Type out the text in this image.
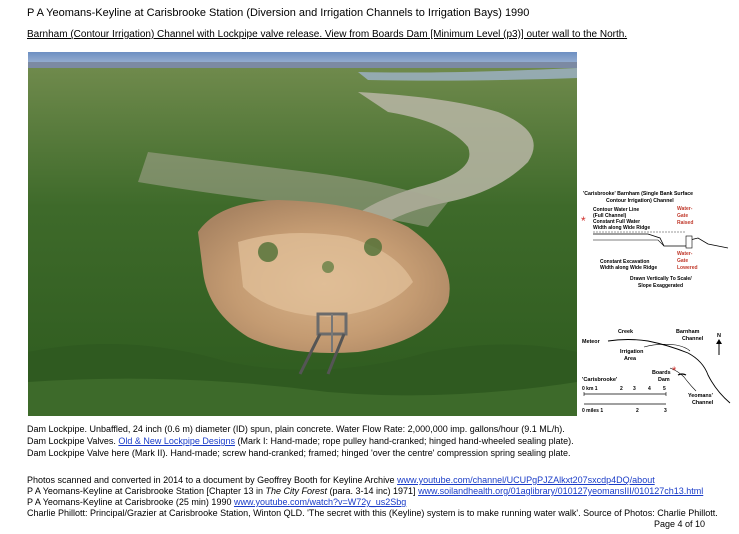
P A Yeomans-Keyline at Carisbrooke Station (Diversion and Irrigation Channels to Irrigation Bays) 1990
Barnham (Contour Irrigation) Channel with Lockpipe valve release. View from Boards Dam [Minimum Level (p3)] outer wall to the North.
'Carisbrooke' Barnham (Single Bank Surface
Contour Irrigation) Channel
Contour Water Line
(Full Channel)
Constant Full Water
Width along Wide Ridge
*
Water-
Gate
Raised
Water-
Gate
Lowered
Constant Excavation
Width along Wide Ridge
Drawn Vertically To Scale/
Slope Exaggerated
Creek
Meteor
Barnham
Channel
Irrigation
Area
Boards
Dam
'Carisbrooke'
Yeomans'
Channel
N
*
0 km 1	2 3 4 5
0 miles 1	2	3
Dam Lockpipe. Unbaffled, 24 inch (0.6 m) diameter (ID) spun, plain concrete. Water Flow Rate: 2,000,000 imp. gallons/hour (9.1 ML/h).
Dam Lockpipe Valves. Old & New Lockpipe Designs (Mark I: Hand-made; rope pulley hand-cranked; hinged hand-wheeled sealing plate).
Dam Lockpipe Valve here (Mark II). Hand-made; screw hand-cranked; framed; hinged 'over the centre' compression spring sealing plate.
Photos scanned and converted in 2014 to a document by Geoffrey Booth for Keyline Archive www.youtube.com/channel/UCUPgPJZAlkxt207sxcdp4DQ/about
P A Yeomans-Keyline at Carisbrooke Station [Chapter 13 in The City Forest (para. 3-14 inc) 1971] www.soilandhealth.org/01aglibrary/010127yeomansIII/010127ch13.html
P A Yeomans-Keyline at Carisbrooke (25 min) 1990 www.youtube.com/watch?v=W72y_us2Sbg
Charlie Phillott: Principal/Grazier at Carisbrooke Station, Winton QLD. 'The secret with this (Keyline) system is to make running water walk'. Source of Photos: Charlie Phillott.
Page 4 of 10
